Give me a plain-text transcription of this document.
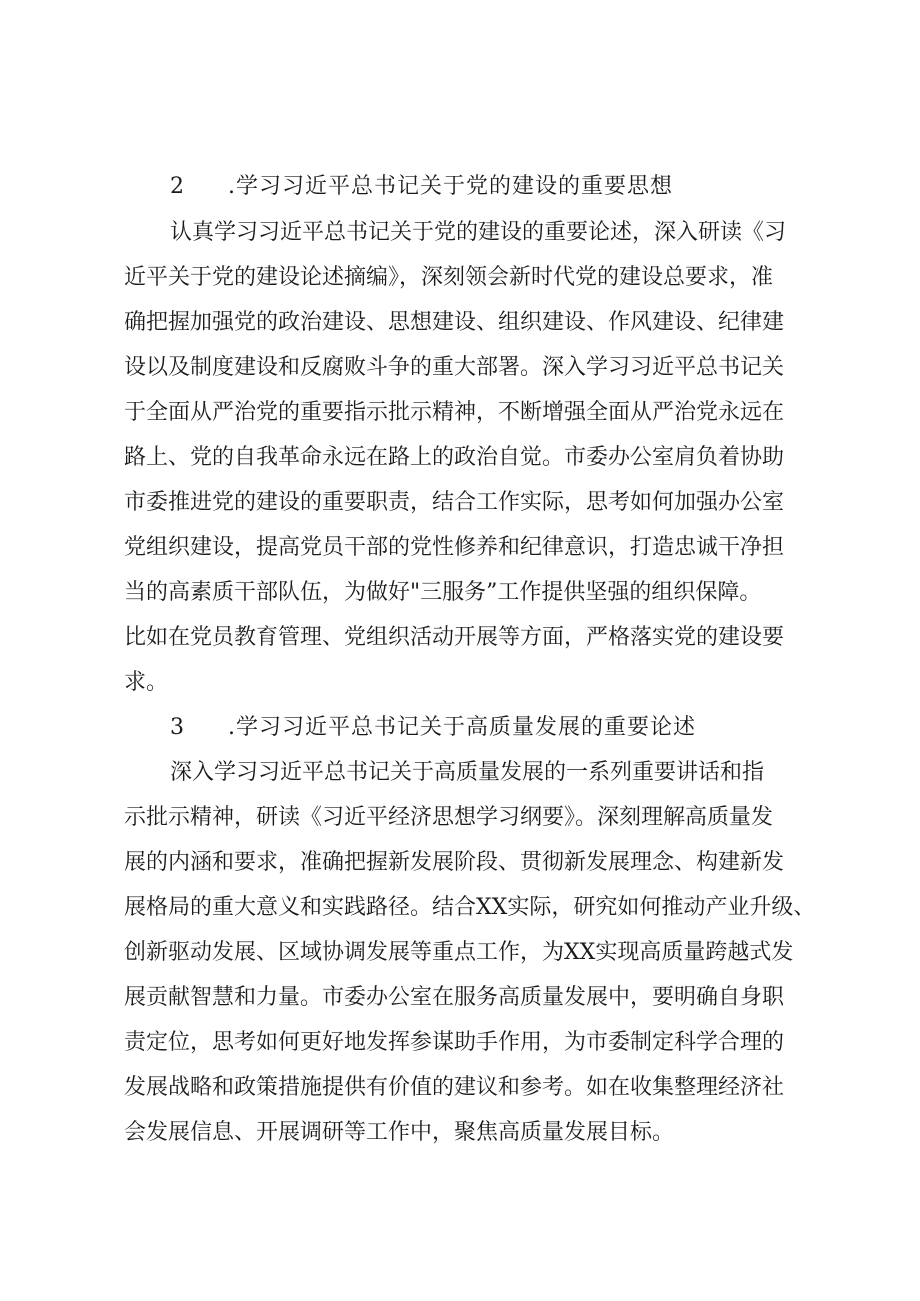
2 .学习习近平总书记关于党的建设的重要思想
认真学习习近平总书记关于党的建设的重要论述，深入研读《习
近平关于党的建设论述摘编》，深刻领会新时代党的建设总要求，准
确把握加强党的政治建设、思想建设、组织建设、作风建设、纪律建
设以及制度建设和反腐败斗争的重大部署。深入学习习近平总书记关
于全面从严治党的重要指示批示精神，不断增强全面从严治党永远在
路上、党的自我革命永远在路上的政治自觉。市委办公室肩负着协助
市委推进党的建设的重要职责，结合工作实际，思考如何加强办公室
党组织建设，提高党员干部的党性修养和纪律意识，打造忠诚干净担
当的高素质干部队伍，为做好"三服务”工作提供坚强的组织保障。
比如在党员教育管理、党组织活动开展等方面，严格落实党的建设要
求。
3 .学习习近平总书记关于高质量发展的重要论述
深入学习习近平总书记关于高质量发展的一系列重要讲话和指
示批示精神，研读《习近平经济思想学习纲要》。深刻理解高质量发
展的内涵和要求，准确把握新发展阶段、贯彻新发展理念、构建新发
展格局的重大意义和实践路径。结合XX实际，研究如何推动产业升级、
创新驱动发展、区域协调发展等重点工作，为XX实现高质量跨越式发
展贡献智慧和力量。市委办公室在服务高质量发展中，要明确自身职
责定位，思考如何更好地发挥参谋助手作用，为市委制定科学合理的
发展战略和政策措施提供有价值的建议和参考。如在收集整理经济社
会发展信息、开展调研等工作中，聚焦高质量发展目标。
